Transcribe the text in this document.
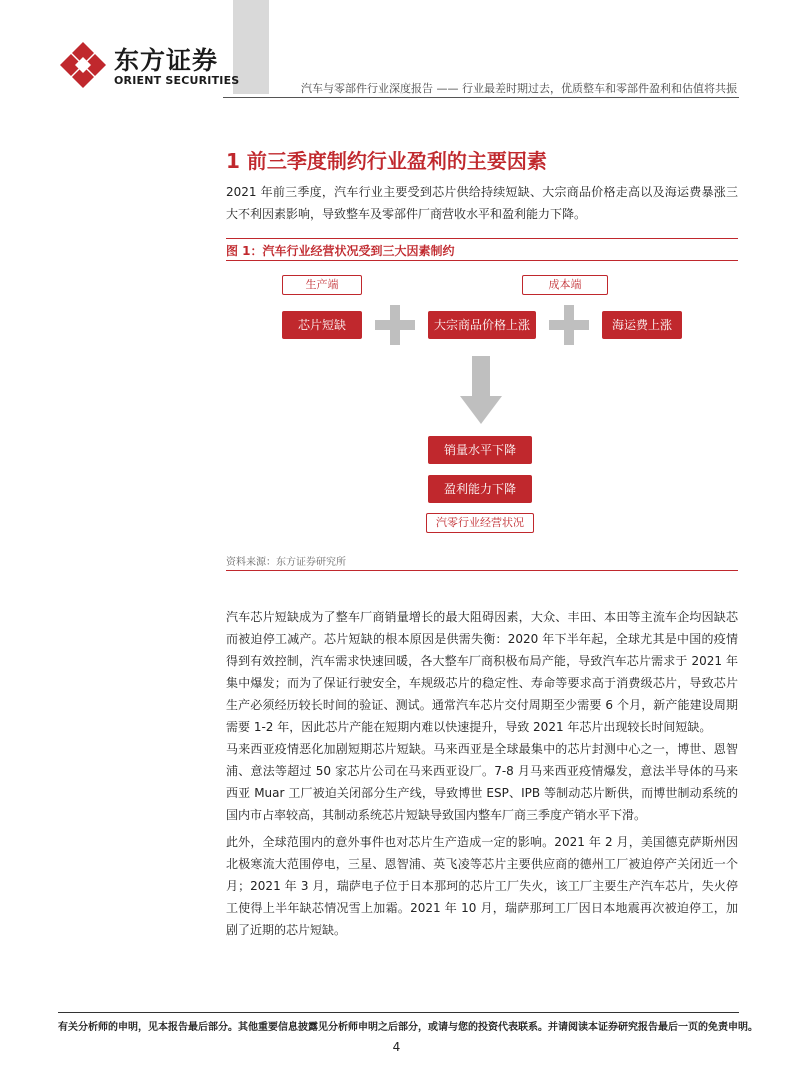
东方证券
ORIENT SECURITIES
汽车与零部件行业深度报告 —— 行业最差时期过去，优质整车和零部件盈利和估值将共振
1 前三季度制约行业盈利的主要因素
2021 年前三季度，汽车行业主要受到芯片供给持续短缺、大宗商品价格走高以及海运费暴涨三大不利因素影响，导致整车及零部件厂商营收水平和盈利能力下降。
图 1：汽车行业经营状况受到三大因素制约
生产端	成本端
芯片短缺	大宗商品价格上涨	海运费上涨
销量水平下降
盈利能力下降
汽零行业经营状况
资料来源：东方证券研究所
汽车芯片短缺成为了整车厂商销量增长的最大阻碍因素，大众、丰田、本田等主流车企均因缺芯而被迫停工减产。芯片短缺的根本原因是供需失衡：2020 年下半年起，全球尤其是中国的疫情得到有效控制，汽车需求快速回暖，各大整车厂商积极布局产能，导致汽车芯片需求于 2021 年集中爆发；而为了保证行驶安全，车规级芯片的稳定性、寿命等要求高于消费级芯片，导致芯片生产必须经历较长时间的验证、测试。通常汽车芯片交付周期至少需要 6 个月，新产能建设周期需要 1-2 年，因此芯片产能在短期内难以快速提升，导致 2021 年芯片出现较长时间短缺。
马来西亚疫情恶化加剧短期芯片短缺。马来西亚是全球最集中的芯片封测中心之一，博世、恩智浦、意法等超过 50 家芯片公司在马来西亚设厂。7-8 月马来西亚疫情爆发，意法半导体的马来西亚 Muar 工厂被迫关闭部分生产线，导致博世 ESP、IPB 等制动芯片断供，而博世制动系统的国内市占率较高，其制动系统芯片短缺导致国内整车厂商三季度产销水平下滑。
此外，全球范围内的意外事件也对芯片生产造成一定的影响。2021 年 2 月，美国德克萨斯州因北极寒流大范围停电，三星、恩智浦、英飞凌等芯片主要供应商的德州工厂被迫停产关闭近一个月；2021 年 3 月，瑞萨电子位于日本那珂的芯片工厂失火，该工厂主要生产汽车芯片，失火停工使得上半年缺芯情况雪上加霜。2021 年 10 月，瑞萨那珂工厂因日本地震再次被迫停工，加剧了近期的芯片短缺。
有关分析师的申明，见本报告最后部分。其他重要信息披露见分析师申明之后部分，或请与您的投资代表联系。并请阅读本证券研究报告最后一页的免责申明。
4
